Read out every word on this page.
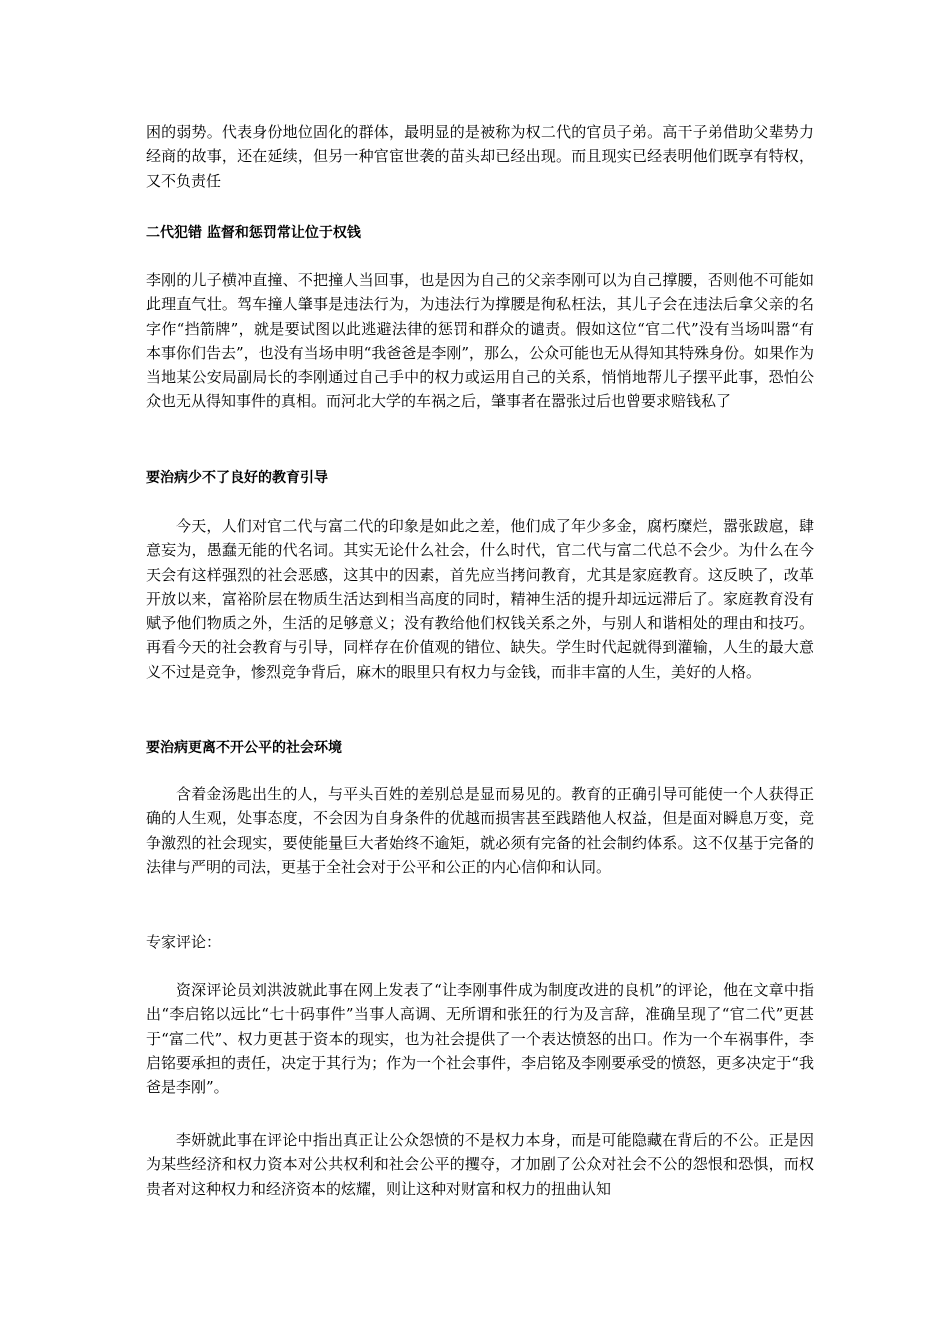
困的弱势。代表身份地位固化的群体，最明显的是被称为权二代的官员子弟。高干子弟借助父辈势力经商的故事，还在延续，但另一种官宦世袭的苗头却已经出现。而且现实已经表明他们既享有特权，又不负责任

二代犯错 监督和惩罚常让位于权钱

李刚的儿子横冲直撞、不把撞人当回事，也是因为自己的父亲李刚可以为自己撑腰，否则他不可能如此理直气壮。驾车撞人肇事是违法行为，为违法行为撑腰是徇私枉法，其儿子会在违法后拿父亲的名字作“挡箭牌”，就是要试图以此逃避法律的惩罚和群众的谴责。假如这位“官二代”没有当场叫嚣“有本事你们告去”，也没有当场申明“我爸爸是李刚”，那么，公众可能也无从得知其特殊身份。如果作为当地某公安局副局长的李刚通过自己手中的权力或运用自己的关系，悄悄地帮儿子摆平此事，恐怕公众也无从得知事件的真相。而河北大学的车祸之后，肇事者在嚣张过后也曾要求赔钱私了

要治病少不了良好的教育引导

今天，人们对官二代与富二代的印象是如此之差，他们成了年少多金，腐朽糜烂，嚣张跋扈，肆意妄为，愚蠢无能的代名词。其实无论什么社会，什么时代，官二代与富二代总不会少。为什么在今天会有这样强烈的社会恶感，这其中的因素，首先应当拷问教育，尤其是家庭教育。这反映了，改革开放以来，富裕阶层在物质生活达到相当高度的同时，精神生活的提升却远远滞后了。家庭教育没有赋予他们物质之外，生活的足够意义；没有教给他们权钱关系之外，与别人和谐相处的理由和技巧。再看今天的社会教育与引导，同样存在价值观的错位、缺失。学生时代起就得到灌输，人生的最大意义不过是竞争，惨烈竞争背后，麻木的眼里只有权力与金钱，而非丰富的人生，美好的人格。

要治病更离不开公平的社会环境

含着金汤匙出生的人，与平头百姓的差别总是显而易见的。教育的正确引导可能使一个人获得正确的人生观，处事态度，不会因为自身条件的优越而损害甚至践踏他人权益，但是面对瞬息万变，竞争激烈的社会现实，要使能量巨大者始终不逾矩，就必须有完备的社会制约体系。这不仅基于完备的法律与严明的司法，更基于全社会对于公平和公正的内心信仰和认同。

专家评论：

资深评论员刘洪波就此事在网上发表了“让李刚事件成为制度改进的良机”的评论，他在文章中指出“李启铭以远比“七十码事件”当事人高调、无所谓和张狂的行为及言辞，准确呈现了“官二代”更甚于“富二代”、权力更甚于资本的现实，也为社会提供了一个表达愤怒的出口。作为一个车祸事件，李启铭要承担的责任，决定于其行为；作为一个社会事件，李启铭及李刚要承受的愤怒，更多决定于“我爸是李刚”。

李妍就此事在评论中指出真正让公众怨愤的不是权力本身，而是可能隐藏在背后的不公。正是因为某些经济和权力资本对公共权利和社会公平的攫夺，才加剧了公众对社会不公的怨恨和恐惧，而权贵者对这种权力和经济资本的炫耀，则让这种对财富和权力的扭曲认知
